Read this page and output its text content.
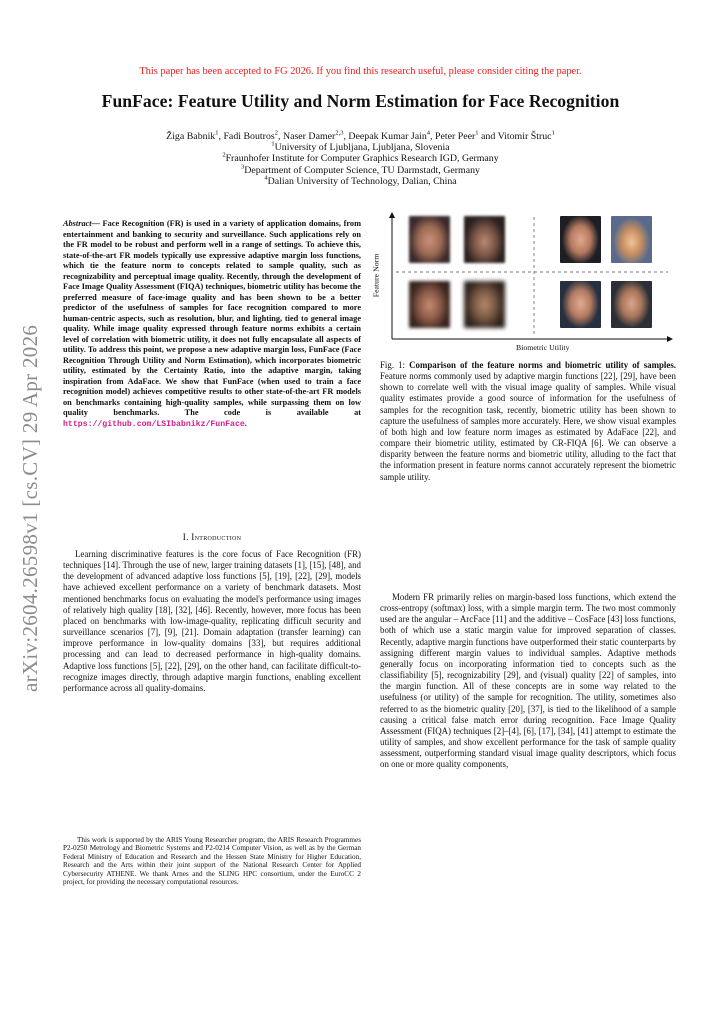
This paper has been accepted to FG 2026. If you find this research useful, please consider citing the paper.
FunFace: Feature Utility and Norm Estimation for Face Recognition
Žiga Babnik$^1$, Fadi Boutros$^2$, Naser Damer$^{2,3}$, Deepak Kumar Jain$^4$, Peter Peer$^1$ and Vitomir Štruc$^1$
$^1$University of Ljubljana, Ljubljana, Slovenia
$^2$Fraunhofer Institute for Computer Graphics Research IGD, Germany
$^3$Department of Computer Science, TU Darmstadt, Germany
$^4$Dalian University of Technology, Dalian, China
arXiv:2604.26598v1 [cs.CV] 29 Apr 2026
Abstract— Face Recognition (FR) is used in a variety of application domains, from entertainment and banking to security and surveillance. Such applications rely on the FR model to be robust and perform well in a range of settings. To achieve this, state-of-the-art FR models typically use expressive adaptive margin loss functions, which tie the feature norm to concepts related to sample quality, such as recognizability and perceptual image quality. Recently, through the development of Face Image Quality Assessment (FIQA) techniques, biometric utility has become the preferred measure of face-image quality and has been shown to be a better predictor of the usefulness of samples for face recognition compared to more human-centric aspects, such as resolution, blur, and lighting, tied to general image quality. While image quality expressed through feature norms exhibits a certain level of correlation with biometric utility, it does not fully encapsulate all aspects of utility. To address this point, we propose a new adaptive margin loss, FunFace (Face Recognition Through Utility and Norm Estimation), which incorporates biometric utility, estimated by the Certainty Ratio, into the adaptive margin, taking inspiration from AdaFace. We show that FunFace (when used to train a face recognition model) achieves competitive results to other state-of-the-art FR models on benchmarks containing high-quality samples, while surpassing them on low quality benchmarks. The code is available at https://github.com/LSIbabnikz/FunFace.
I. Introduction

Learning discriminative features is the core focus of Face Recognition (FR) techniques [14]. Through the use of new, larger training datasets [1], [15], [48], and the development of advanced adaptive loss functions [5], [19], [22], [29], models have achieved excellent performance on a variety of benchmark datasets. Most mentioned benchmarks focus on evaluating the model's performance using images of relatively high quality [18], [32], [46]. Recently, however, more focus has been placed on benchmarks with low-image-quality, replicating difficult security and surveillance scenarios [7], [9], [21]. Domain adaptation (transfer learning) can improve performance in low-quality domains [33], but requires additional processing and can lead to decreased performance in high-quality domains. Adaptive loss functions [5], [22], [29], on the other hand, can facilitate difficult-to-recognize images directly, through adaptive margin functions, enabling excellent performance across all quality-domains.

This work is supported by the ARIS Young Researcher program, the ARIS Research Programmes P2-0250 Metrology and Biometric Systems and P2-0214 Computer Vision, as well as by the German Federal Ministry of Education and Research and the Hessen State Ministry for Higher Education, Research and the Arts within their joint support of the National Research Center for Applied Cybersecurity ATHENE. We thank Arnes and the SLING HPC consortium, under the EuroCC 2 project, for providing the necessary computational resources.

Feature Norm
Biometric Utility
Fig. 1: Comparison of the feature norms and biometric utility of samples. Feature norms commonly used by adaptive margin functions [22], [29], have been shown to correlate well with the visual image quality of samples. While visual quality estimates provide a good source of information for the usefulness of samples for the recognition task, recently, biometric utility has been shown to capture the usefulness of samples more accurately. Here, we show visual examples of both high and low feature norm images as estimated by AdaFace [22], and compare their biometric utility, estimated by CR-FIQA [6]. We can observe a disparity between the feature norms and biometric utility, alluding to the fact that the information present in feature norms cannot accurately represent the biometric sample utility.

Modern FR primarily relies on margin-based loss functions, which extend the cross-entropy (softmax) loss, with a simple margin term. The two most commonly used are the angular – ArcFace [11] and the additive – CosFace [43] loss functions, both of which use a static margin value for improved separation of classes. Recently, adaptive margin functions have outperformed their static counterparts by assigning different margin values to individual samples. Adaptive methods generally focus on incorporating information tied to concepts such as the classifiability [5], recognizability [29], and (visual) quality [22] of samples, into the margin function. All of these concepts are in some way related to the usefulness (or utility) of the sample for recognition. The utility, sometimes also referred to as the biometric quality [20], [37], is tied to the likelihood of a sample causing a critical false match error during recognition. Face Image Quality Assessment (FIQA) techniques [2]–[4], [6], [17], [34], [41] attempt to estimate the utility of samples, and show excellent performance for the task of sample quality assessment, outperforming standard visual image quality descriptors, which focus on one or more quality components,
